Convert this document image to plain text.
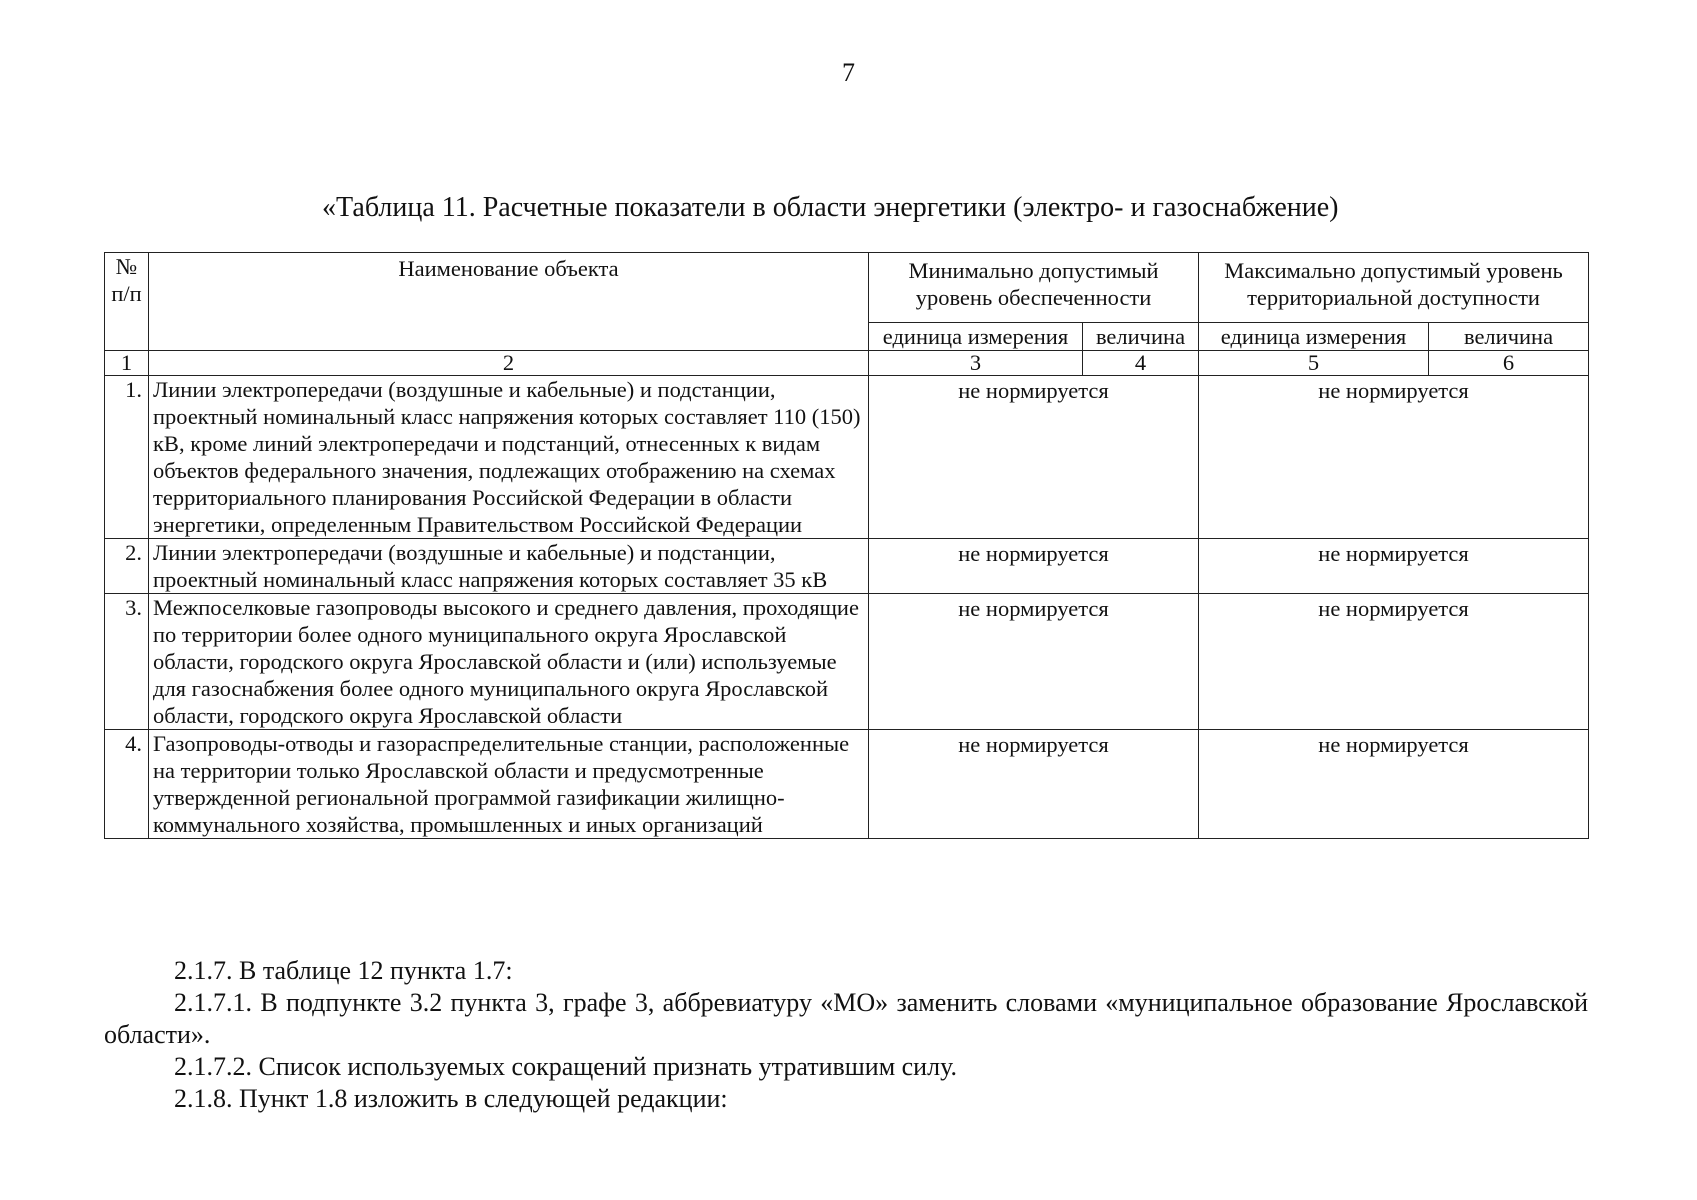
7
«Таблица 11. Расчетные показатели в области энергетики (электро- и газоснабжение)
№ п/п	Наименование объекта	Минимально допустимый уровень обеспеченности		Максимально допустимый уровень территориальной доступности	
		единица измерения	величина	единица измерения	величина
1	2	3	4	5	6
1.	Линии электропередачи (воздушные и кабельные) и подстанции, проектный номинальный класс напряжения которых составляет 110 (150) кВ, кроме линий электропередачи и подстанций, отнесенных к видам объектов федерального значения, подлежащих отображению на схемах территориального планирования Российской Федерации в области энергетики, определенным Правительством Российской Федерации	не нормируется		не нормируется	
2.	Линии электропередачи (воздушные и кабельные) и подстанции, проектный номинальный класс напряжения которых составляет 35 кВ	не нормируется		не нормируется	
3.	Межпоселковые газопроводы высокого и среднего давления, проходящие по территории более одного муниципального округа Ярославской области, городского округа Ярославской области и (или) используемые для газоснабжения более одного муниципального округа Ярославской области, городского округа Ярославской области	не нормируется		не нормируется	
4.	Газопроводы-отводы и газораспределительные станции, расположенные на территории только Ярославской области и предусмотренные утвержденной региональной программой газификации жилищно-коммунального хозяйства, промышленных и иных организаций	не нормируется		не нормируется	

2.1.7. В таблице 12 пункта 1.7:

2.1.7.1. В подпункте 3.2 пункта 3, графе 3, аббревиатуру «МО» заменить словами «муниципальное образование Ярославской области».

2.1.7.2. Список используемых сокращений признать утратившим силу.

2.1.8. Пункт 1.8 изложить в следующей редакции:
